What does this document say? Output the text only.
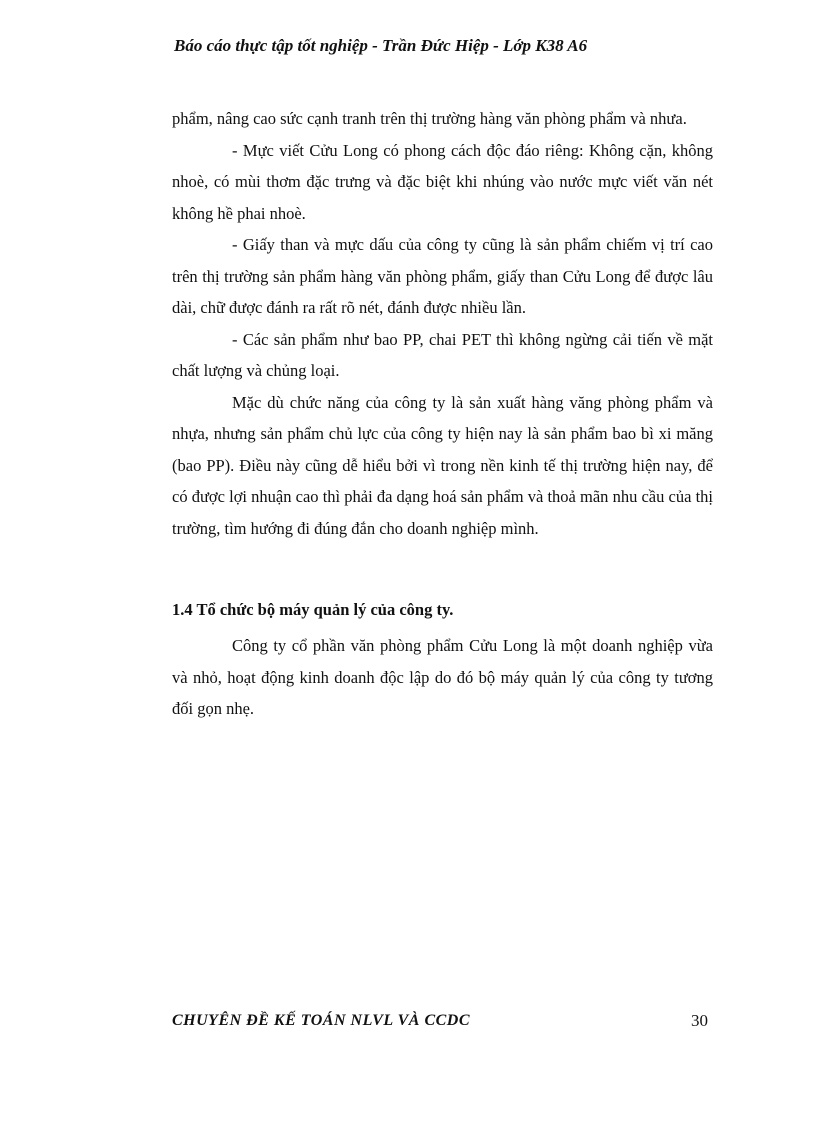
Báo cáo thực tập tốt nghiệp - Trần Đức Hiệp - Lớp K38 A6

phẩm, nâng cao sức cạnh tranh trên thị trường hàng văn phòng phẩm và nhưa.

- Mực viết Cửu Long có phong cách độc đáo riêng: Không cặn, không nhoè, có mùi thơm đặc trưng và đặc biệt khi nhúng vào nước mực viết văn nét không hề phai nhoè.

- Giấy than và mực dấu của công ty cũng là sản phẩm chiếm vị trí cao trên thị trường sản phẩm hàng văn phòng phẩm, giấy than Cửu Long để được lâu dài, chữ được đánh ra rất rõ nét, đánh được nhiều lần.

- Các sản phẩm như bao PP, chai PET thì không ngừng cải tiến về mặt chất lượng và chủng loại.

Mặc dù chức năng của công ty là sản xuất hàng văng phòng phẩm và nhựa, nhưng sản phẩm chủ lực của công ty hiện nay là sản phẩm bao bì xi măng (bao PP). Điều này cũng dễ hiểu bởi vì trong nền kinh tế thị trường hiện nay, để có được lợi nhuận cao thì phải đa dạng hoá sản phẩm và thoả mãn nhu cầu của thị trường, tìm hướng đi đúng đắn cho doanh nghiệp mình.

1.4 Tổ chức bộ máy quản lý của công ty.

Công ty cổ phần văn phòng phẩm Cửu Long là một doanh nghiệp vừa và nhỏ, hoạt động kinh doanh độc lập do đó bộ máy quản lý của công ty tương đối gọn nhẹ.

CHUYÊN ĐỀ KẾ TOÁN NLVL VÀ CCDC	30
